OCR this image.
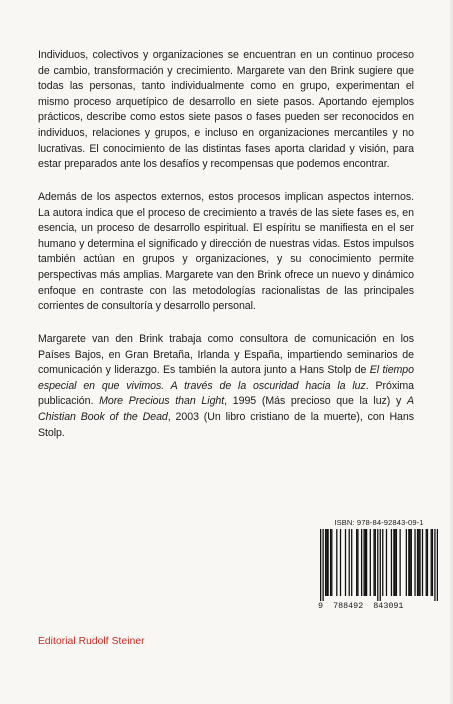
Individuos, colectivos y organizaciones se encuentran en un continuo proceso de cambio, transformación y crecimiento. Margarete van den Brink sugiere que todas las personas, tanto individualmente como en grupo, experimentan el mismo proceso arquetípico de desarrollo en siete pasos. Aportando ejemplos prácticos, describe como estos siete pasos o fases pueden ser reconocidos en individuos, relaciones y grupos, e incluso en organizaciones mercantiles y no lucrativas. El conocimiento de las distintas fases aporta claridad y visión, para estar preparados ante los desafíos y recompensas que podemos encontrar.

Además de los aspectos externos, estos procesos implican aspectos internos. La autora indica que el proceso de crecimiento a través de las siete fases es, en esencia, un proceso de desarrollo espiritual. El espíritu se manifiesta en el ser humano y determina el significado y dirección de nuestras vidas. Estos impulsos también actúan en grupos y organizaciones, y su conocimiento permite perspectivas más amplias. Margarete van den Brink ofrece un nuevo y dinámico enfoque en contraste con las metodologías racionalistas de las principales corrientes de consultoría y desarrollo personal.

Margarete van den Brink trabaja como consultora de comunicación en los Países Bajos, en Gran Bretaña, Irlanda y España, impartiendo seminarios de comunicación y liderazgo. Es también la autora junto a Hans Stolp de El tiempo especial en que vivimos. A través de la oscuridad hacia la luz. Próxima publicación. More Precious than Light, 1995 (Más precioso que la luz) y A Chistian Book of the Dead, 2003 (Un libro cristiano de la muerte), con Hans Stolp.

ISBN: 978-84-92843-09-1
9  788492  843091
Editorial Rudolf Steiner
